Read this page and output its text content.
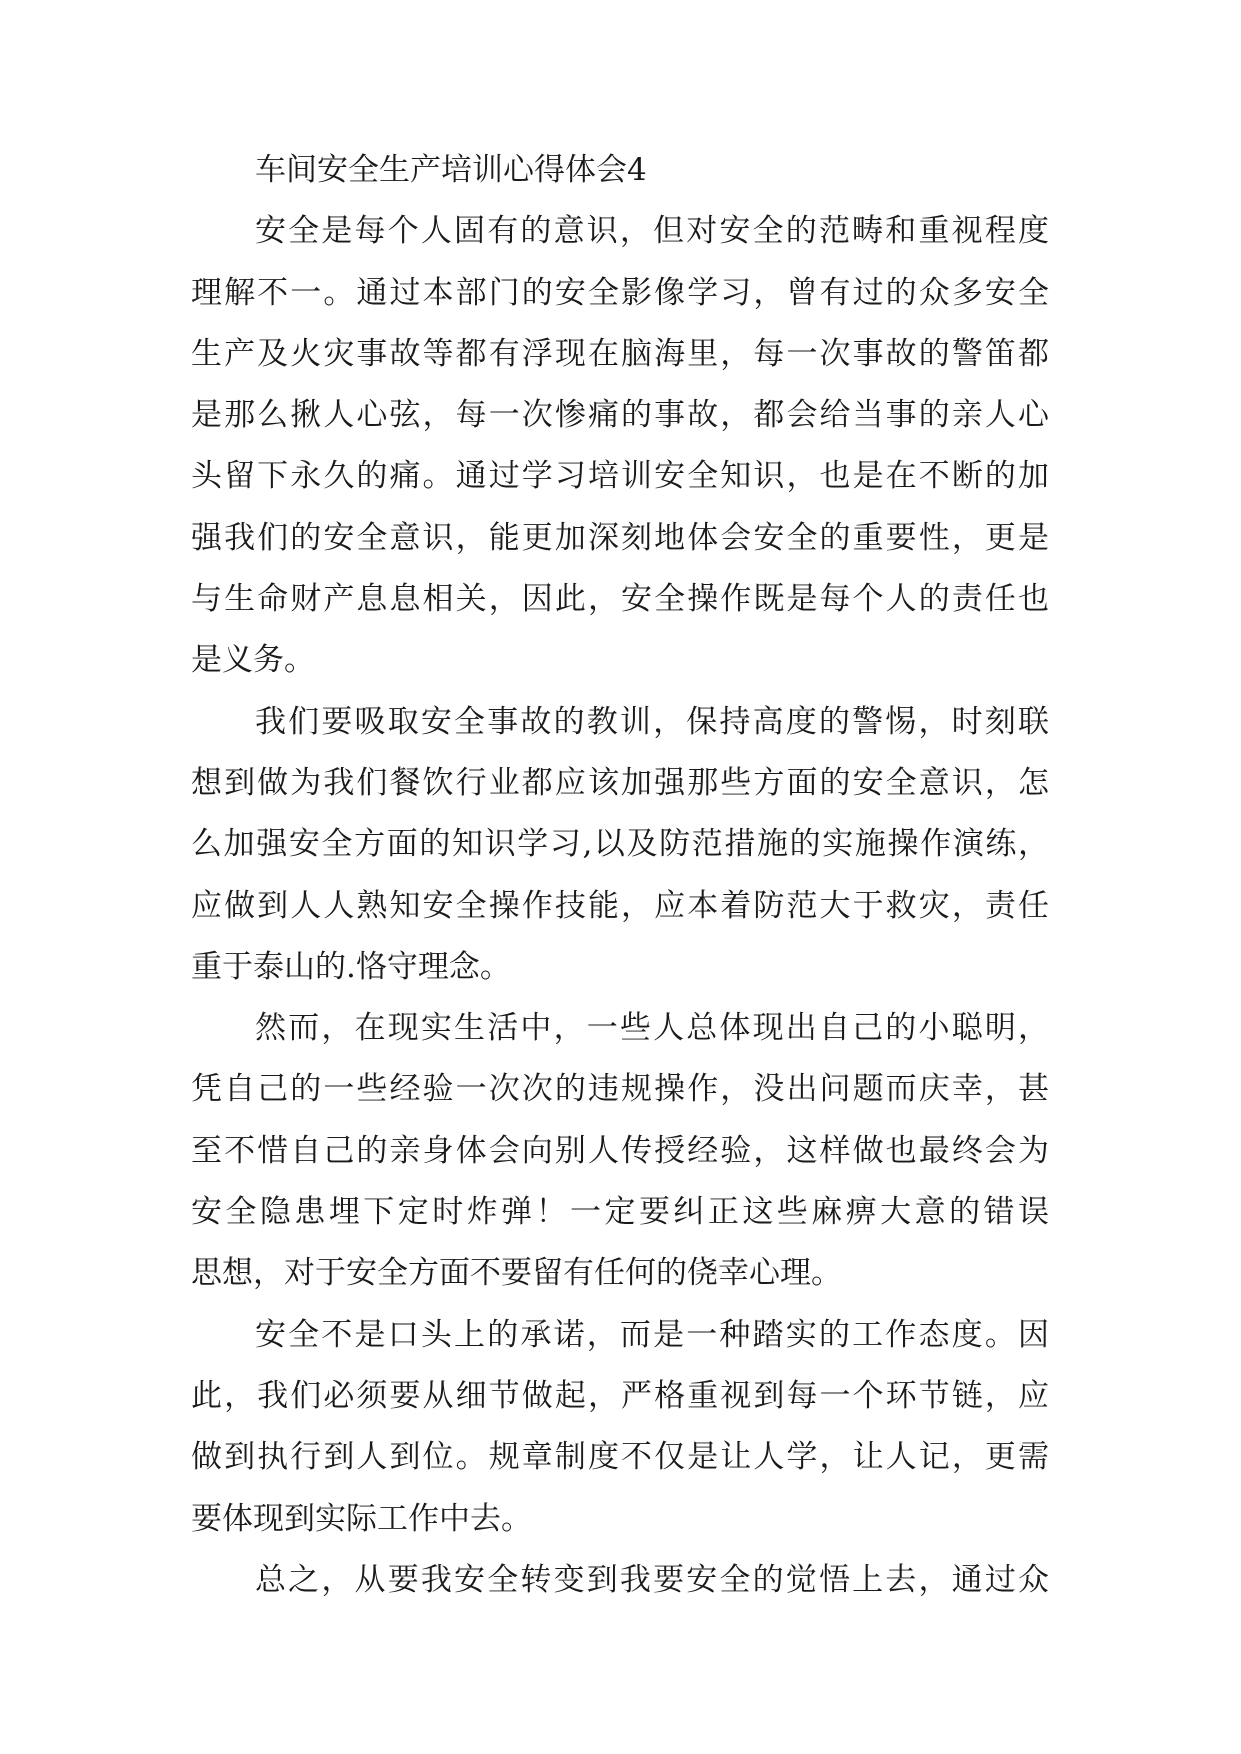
车间安全生产培训心得体会4
安全是每个人固有的意识，但对安全的范畴和重视程度
理解不一。通过本部门的安全影像学习，曾有过的众多安全
生产及火灾事故等都有浮现在脑海里，每一次事故的警笛都
是那么揪人心弦，每一次惨痛的事故，都会给当事的亲人心
头留下永久的痛。通过学习培训安全知识，也是在不断的加
强我们的安全意识，能更加深刻地体会安全的重要性，更是
与生命财产息息相关，因此，安全操作既是每个人的责任也
是义务。
我们要吸取安全事故的教训，保持高度的警惕，时刻联
想到做为我们餐饮行业都应该加强那些方面的安全意识，怎
么加强安全方面的知识学习,以及防范措施的实施操作演练，
应做到人人熟知安全操作技能，应本着防范大于救灾，责任
重于泰山的.恪守理念。
然而，在现实生活中，一些人总体现出自己的小聪明，
凭自己的一些经验一次次的违规操作，没出问题而庆幸，甚
至不惜自己的亲身体会向别人传授经验，这样做也最终会为
安全隐患埋下定时炸弹！一定要纠正这些麻痹大意的错误
思想，对于安全方面不要留有任何的侥幸心理。
安全不是口头上的承诺，而是一种踏实的工作态度。因
此，我们必须要从细节做起，严格重视到每一个环节链，应
做到执行到人到位。规章制度不仅是让人学，让人记，更需
要体现到实际工作中去。
总之，从要我安全转变到我要安全的觉悟上去，通过众
